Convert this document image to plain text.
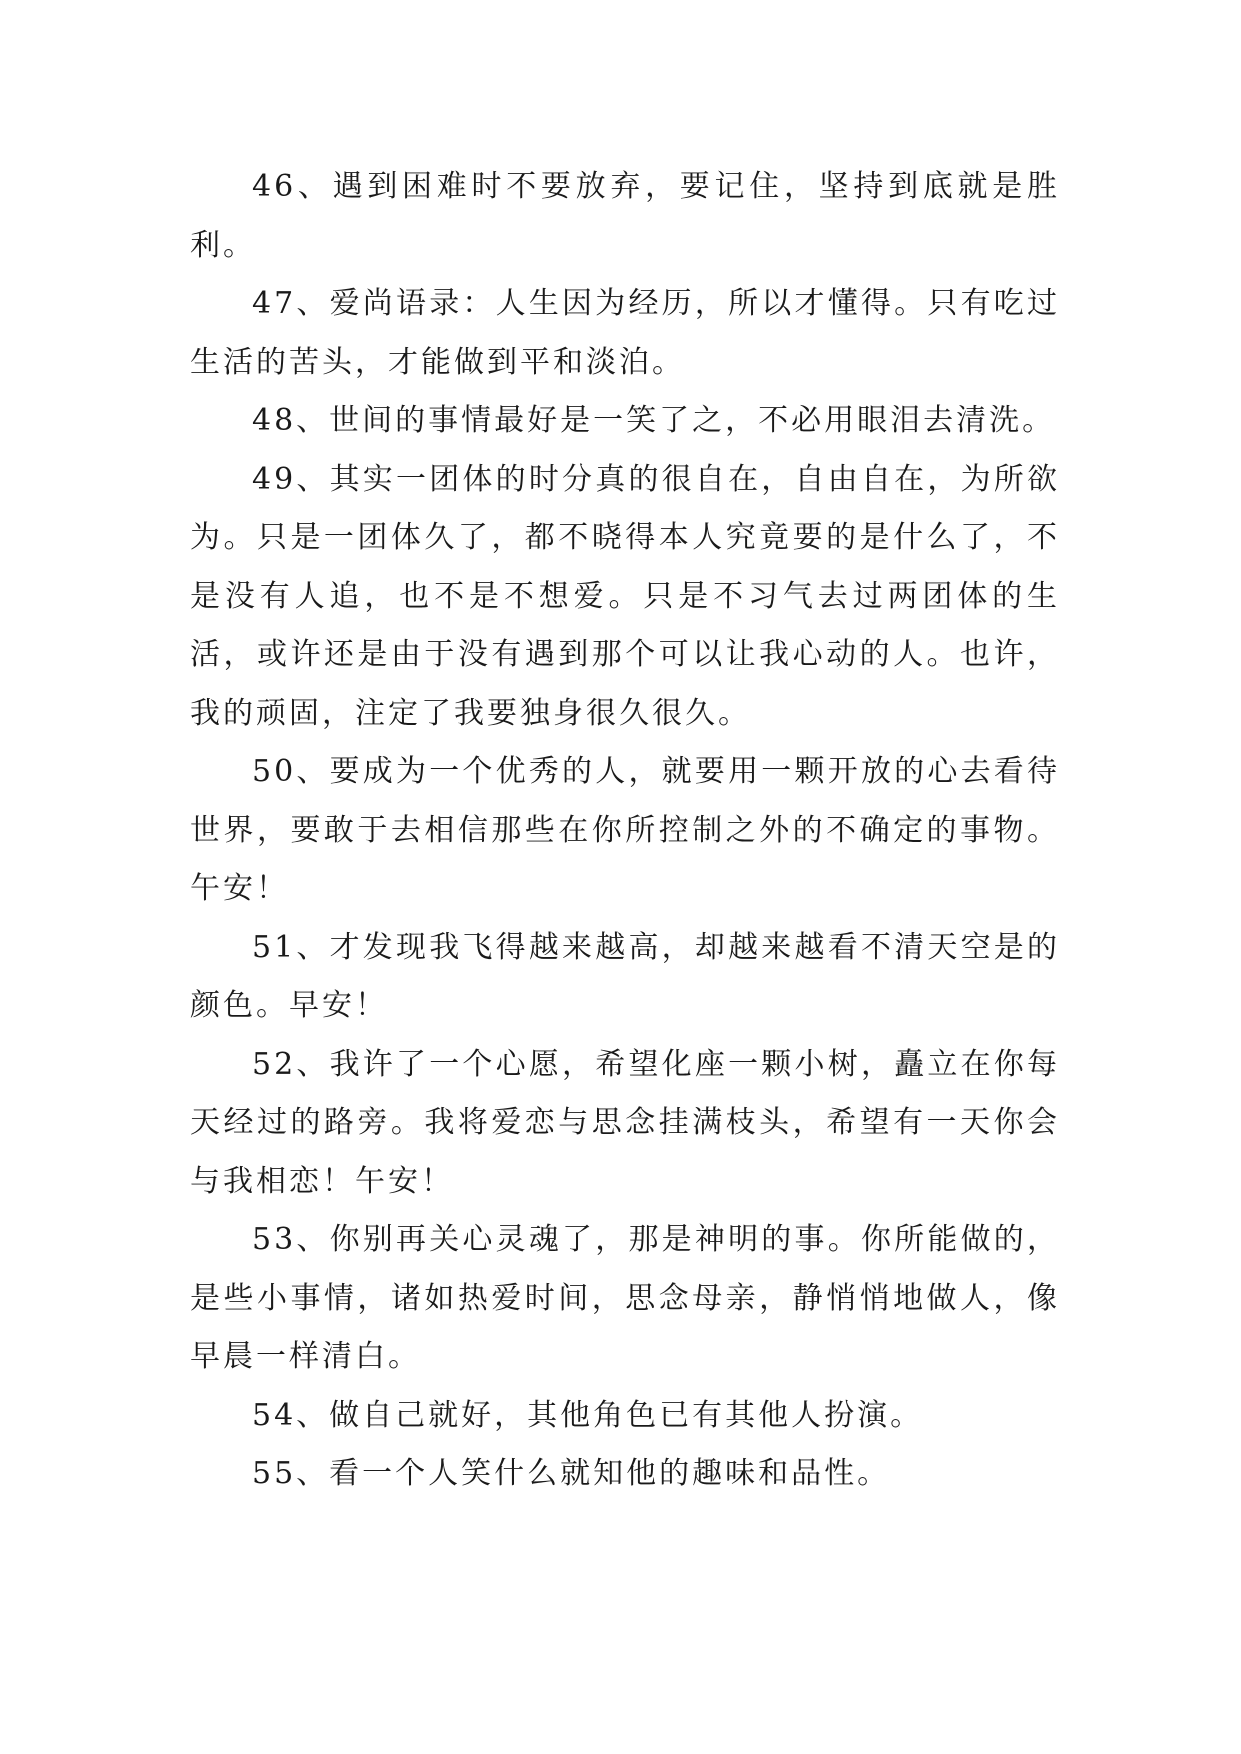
46、遇到困难时不要放弃，要记住，坚持到底就是胜利。

47、爱尚语录：人生因为经历，所以才懂得。只有吃过生活的苦头，才能做到平和淡泊。

48、世间的事情最好是一笑了之，不必用眼泪去清洗。

49、其实一团体的时分真的很自在，自由自在，为所欲为。只是一团体久了，都不晓得本人究竟要的是什么了，不是没有人追，也不是不想爱。只是不习气去过两团体的生活，或许还是由于没有遇到那个可以让我心动的人。也许，我的顽固，注定了我要独身很久很久。

50、要成为一个优秀的人，就要用一颗开放的心去看待世界，要敢于去相信那些在你所控制之外的不确定的事物。午安！

51、才发现我飞得越来越高，却越来越看不清天空是的颜色。早安！

52、我许了一个心愿，希望化座一颗小树，矗立在你每天经过的路旁。我将爱恋与思念挂满枝头，希望有一天你会与我相恋！午安！

53、你别再关心灵魂了，那是神明的事。你所能做的，是些小事情，诸如热爱时间，思念母亲，静悄悄地做人，像早晨一样清白。

54、做自己就好，其他角色已有其他人扮演。

55、看一个人笑什么就知他的趣味和品性。
